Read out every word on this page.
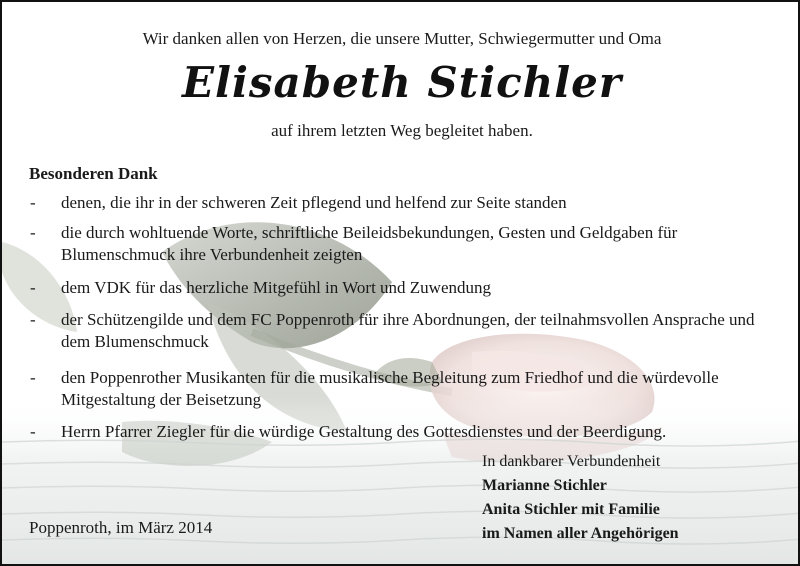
Wir danken allen von Herzen, die unsere Mutter, Schwiegermutter und Oma
Elisabeth Stichler
auf ihrem letzten Weg begleitet haben.
Besonderen Dank
- denen, die ihr in der schweren Zeit pflegend und helfend zur Seite standen
- die durch wohltuende Worte, schriftliche Beileidsbekundungen, Gesten und Geldgaben für Blumenschmuck ihre Verbundenheit zeigten
- dem VDK für das herzliche Mitgefühl in Wort und Zuwendung
- der Schützengilde und dem FC Poppenroth für ihre Abordnungen, der teilnahmsvollen Ansprache und dem Blumenschmuck
- den Poppenrother Musikanten für die musikalische Begleitung zum Friedhof und die würdevolle Mitgestaltung der Beisetzung
- Herrn Pfarrer Ziegler für die würdige Gestaltung des Gottesdienstes und der Beerdigung.
In dankbarer Verbundenheit
Marianne Stichler
Anita Stichler mit Familie
im Namen aller Angehörigen
Poppenroth, im März 2014
